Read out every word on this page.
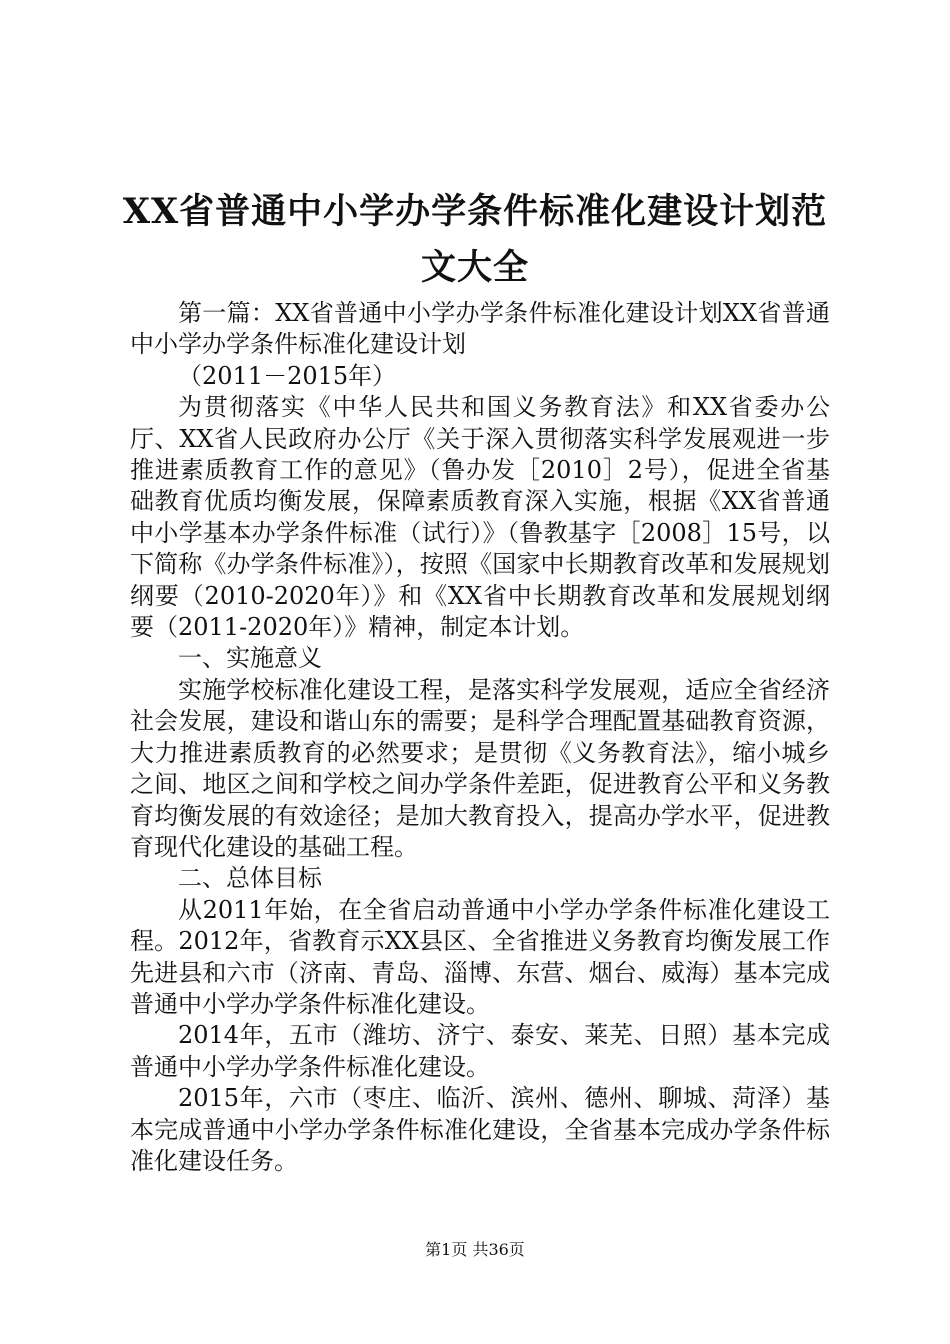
XX省普通中小学办学条件标准化建设计划范
文大全

第一篇：XX省普通中小学办学条件标准化建设计划XX省普通中小学办学条件标准化建设计划

（2011－2015年）

为贯彻落实《中华人民共和国义务教育法》和XX省委办公厅、XX省人民政府办公厅《关于深入贯彻落实科学发展观进一步推进素质教育工作的意见》（鲁办发［2010］2号），促进全省基础教育优质均衡发展，保障素质教育深入实施，根据《XX省普通中小学基本办学条件标准（试行）》（鲁教基字［2008］15号，以下简称《办学条件标准》），按照《国家中长期教育改革和发展规划纲要（2010-2020年）》和《XX省中长期教育改革和发展规划纲要（2011-2020年）》精神，制定本计划。

一、实施意义

实施学校标准化建设工程，是落实科学发展观，适应全省经济社会发展，建设和谐山东的需要；是科学合理配置基础教育资源，大力推进素质教育的必然要求；是贯彻《义务教育法》，缩小城乡之间、地区之间和学校之间办学条件差距，促进教育公平和义务教育均衡发展的有效途径；是加大教育投入，提高办学水平，促进教育现代化建设的基础工程。

二、总体目标

从2011年始，在全省启动普通中小学办学条件标准化建设工程。2012年，省教育示XX县区、全省推进义务教育均衡发展工作先进县和六市（济南、青岛、淄博、东营、烟台、威海）基本完成普通中小学办学条件标准化建设。

2014年，五市（潍坊、济宁、泰安、莱芜、日照）基本完成普通中小学办学条件标准化建设。

2015年，六市（枣庄、临沂、滨州、德州、聊城、菏泽）基本完成普通中小学办学条件标准化建设，全省基本完成办学条件标准化建设任务。

第1页 共36页
